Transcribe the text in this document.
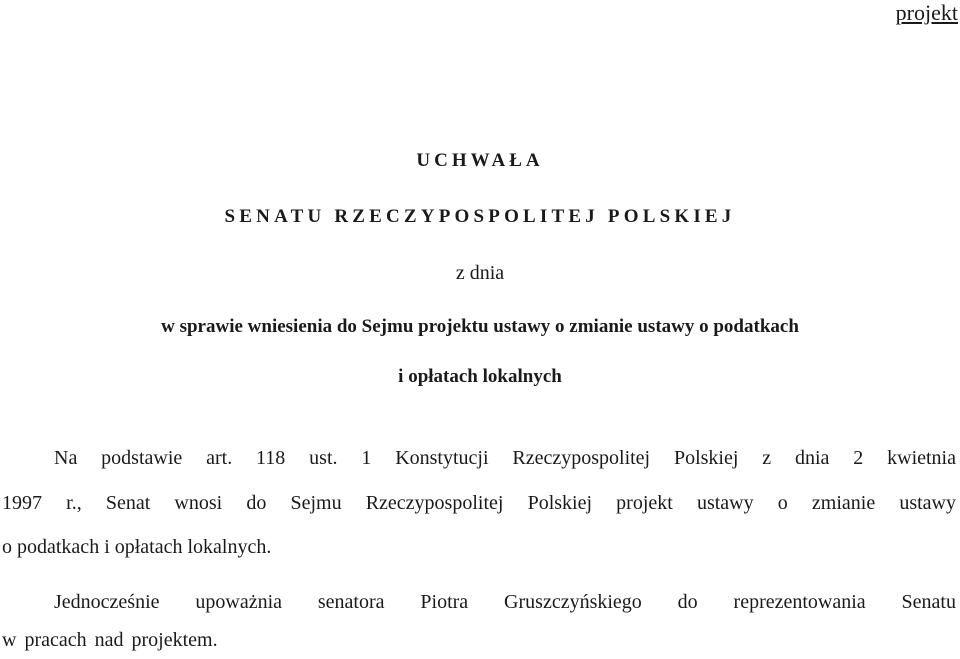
projekt
UCHWAŁA
SENATU RZECZYPOSPOLITEJ POLSKIEJ
z dnia
w sprawie wniesienia do Sejmu projektu ustawy o zmianie ustawy o podatkach
i opłatach lokalnych
Na podstawie art. 118 ust. 1 Konstytucji Rzeczypospolitej Polskiej z dnia 2 kwietnia
1997 r., Senat wnosi do Sejmu Rzeczypospolitej Polskiej projekt ustawy o zmianie ustawy
o podatkach i opłatach lokalnych.
Jednocześnie upoważnia senatora Piotra Gruszczyńskiego do reprezentowania Senatu
w pracach nad projektem.
